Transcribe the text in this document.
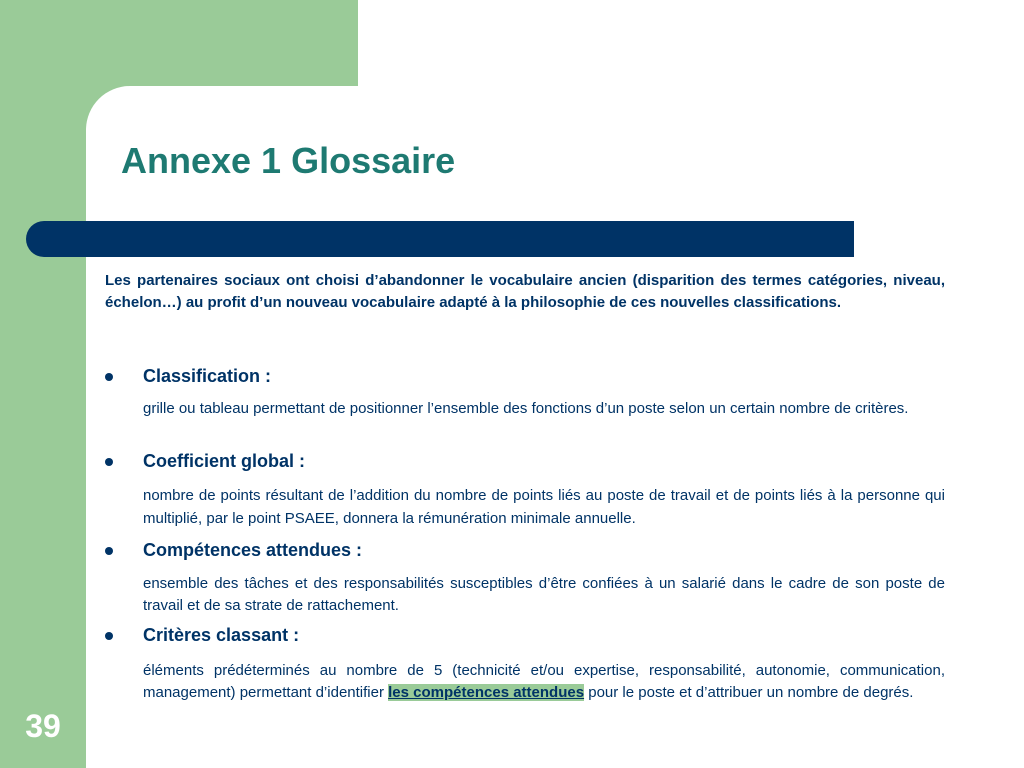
Annexe 1 Glossaire

Les partenaires sociaux ont choisi d’abandonner le vocabulaire ancien (disparition des termes catégories, niveau, échelon…) au profit d’un nouveau vocabulaire adapté à la philosophie de ces nouvelles classifications.

Classification :

grille ou tableau permettant de positionner l’ensemble des fonctions d’un poste selon un certain nombre de critères.

Coefficient global :

nombre de points résultant de l’addition du nombre de points liés au poste de travail et de points liés à la personne qui multiplié, par le point PSAEE, donnera la rémunération minimale annuelle.

Compétences attendues :

ensemble des tâches et des responsabilités susceptibles d’être confiées à un salarié dans le cadre de son poste de travail et de sa strate de rattachement.

Critères classant :

éléments prédéterminés au nombre de 5 (technicité et/ou expertise, responsabilité, autonomie, communication, management) permettant d’identifier les compétences attendues pour le poste et d’attribuer un nombre de degrés.

39
